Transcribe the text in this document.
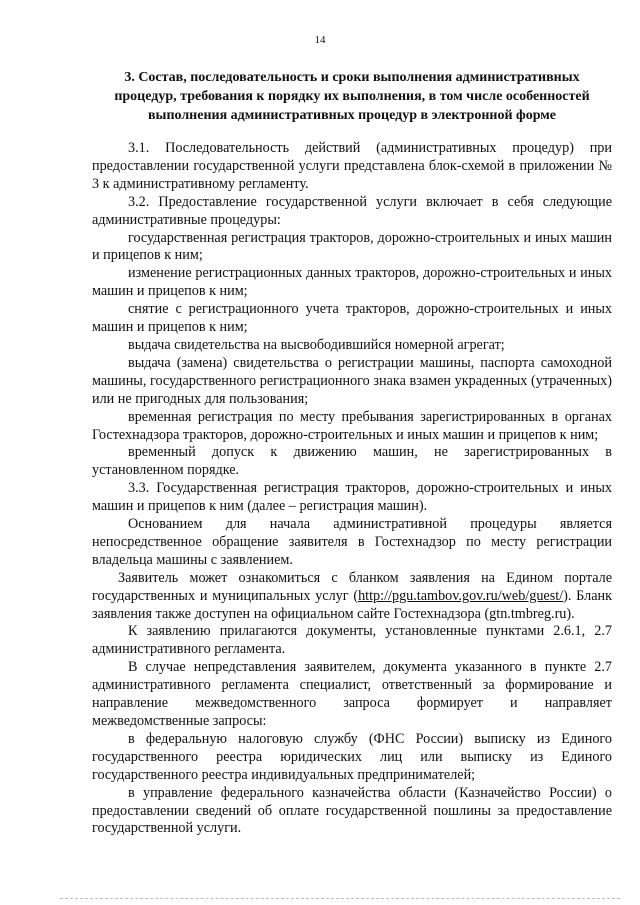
14
3. Состав, последовательность и сроки выполнения административных процедур, требования к порядку их выполнения, в том числе особенностей выполнения административных процедур в электронной форме

3.1. Последовательность действий (административных процедур) при предоставлении государственной услуги представлена блок-схемой в приложении № 3 к административному регламенту.

3.2. Предоставление государственной услуги включает в себя следующие административные процедуры:

государственная регистрация тракторов, дорожно-строительных и иных машин и прицепов к ним;

изменение регистрационных данных тракторов, дорожно-строительных и иных машин и прицепов к ним;

снятие с регистрационного учета тракторов, дорожно-строительных и иных машин и прицепов к ним;

выдача свидетельства на высвободившийся номерной агрегат;

выдача (замена) свидетельства о регистрации машины, паспорта самоходной машины, государственного регистрационного знака взамен украденных (утраченных) или не пригодных для пользования;

временная регистрация по месту пребывания зарегистрированных в органах Гостехнадзора тракторов, дорожно-строительных и иных машин и прицепов к ним;

временный допуск к движению машин, не зарегистрированных в установленном порядке.

3.3. Государственная регистрация тракторов, дорожно-строительных и иных машин и прицепов к ним (далее – регистрация машин).

Основанием для начала административной процедуры является непосредственное обращение заявителя в Гостехнадзор по месту регистрации владельца машины с заявлением.

Заявитель может ознакомиться с бланком заявления на Едином портале государственных и муниципальных услуг (http://pgu.tambov.gov.ru/web/guest/). Бланк заявления также доступен на официальном сайте Гостехнадзора (gtn.tmbreg.ru).

К заявлению прилагаются документы, установленные пунктами 2.6.1, 2.7 административного регламента.

В случае непредставления заявителем, документа указанного в пункте 2.7 административного регламента специалист, ответственный за формирование и направление межведомственного запроса формирует и направляет межведомственные запросы:

в федеральную налоговую службу (ФНС России) выписку из Единого государственного реестра юридических лиц или выписку из Единого государственного реестра индивидуальных предпринимателей;

в управление федерального казначейства области (Казначейство России) о предоставлении сведений об оплате государственной пошлины за предоставление государственной услуги.
